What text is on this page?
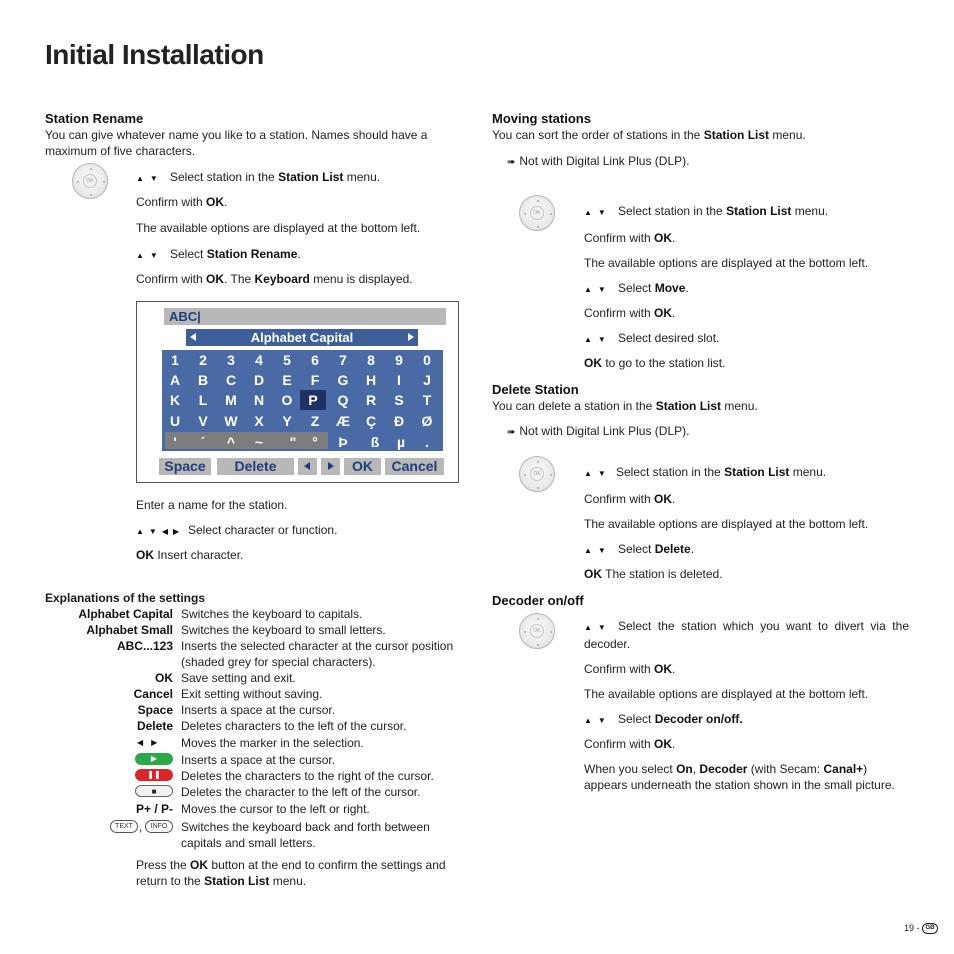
Initial Installation
Station Rename
You can give whatever name you like to a station. Names should have a maximum of five characters.
OK	▲▼ Select station in the Station List menu.
Confirm with OK.
The available options are displayed at the bottom left.
▲▼ Select Station Rename.
Confirm with OK. The Keyboard menu is displayed.
ABC|
Alphabet Capital
1	2	3	4	5	6	7	8	9	0
A	B	C	D	E	F	G	H	I	J
K	L	M	N	O	P	Q	R	S	T
U	V	W	X	Y	Z	Æ	Ç	Ð	Ø
'	´	^	~	"	°	Þ	ß	µ	.
Space	Delete	OK	Cancel
Enter a name for the station.
▲▼◀▶ Select character or function.
OK Insert character.
Explanations of the settings
Alphabet Capital Switches the keyboard to capitals.
Alphabet Small Switches the keyboard to small letters.
ABC...123 Inserts the selected character at the cursor position (shaded grey for special characters).
OK Save setting and exit.
Cancel Exit setting without saving.
Space Inserts a space at the cursor.
Delete Deletes characters to the left of the cursor.
◀▶ Moves the marker in the selection.
▶	Inserts a space at the cursor.
❚❚	Deletes the characters to the right of the cursor.
■	Deletes the character to the left of the cursor.
P+ / P- Moves the cursor to the left or right.
TEXT ,	INFO	Switches the keyboard back and forth between capitals and small letters.
Press the OK button at the end to confirm the settings and return to the Station List menu.
Moving stations
You can sort the order of stations in the Station List menu.
➠ Not with Digital Link Plus (DLP).
OK	▲▼ Select station in the Station List menu.
Confirm with OK.
The available options are displayed at the bottom left.
▲▼ Select Move.
Confirm with OK.
▲▼ Select desired slot.
OK to go to the station list.
Delete Station
You can delete a station in the Station List menu.
➠ Not with Digital Link Plus (DLP).
OK	▲▼ Select station in the Station List menu.
Confirm with OK.
The available options are displayed at the bottom left.
▲▼ Select Delete.
OK The station is deleted.
Decoder on/off
OK	▲▼ Select the station which you want to divert via the decoder.
Confirm with OK.
The available options are displayed at the bottom left.
▲▼ Select Decoder on/off.
Confirm with OK.
When you select On, Decoder (with Secam: Canal+) appears underneath the station shown in the small picture.
19 - GB
